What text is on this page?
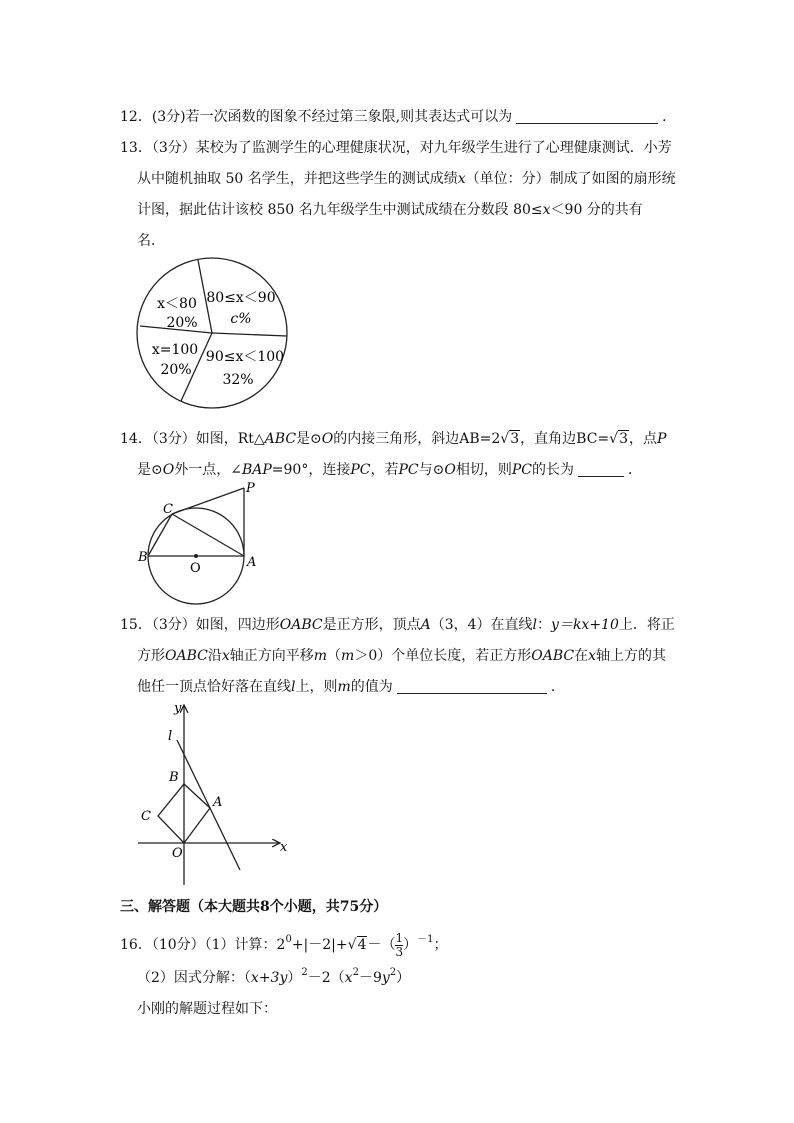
12．(3分)若一次函数的图象不经过第三象限,则其表达式可以为	.
13．（3分）某校为了监测学生的心理健康状况，对九年级学生进行了心理健康测试．小芳
从中随机抽取 50 名学生，并把这些学生的测试成绩x（单位：分）制成了如图的扇形统
计图，据此估计该校 850 名九年级学生中测试成绩在分数段 80≤x＜90 分的共有
名．
x＜80
20%
80≤x＜90
c%
x=100
20%
90≤x＜100
32%
14．（3分）如图，Rt△ABC是⊙O的内接三角形，斜边AB=2√3，直角边BC=√3，点P
是⊙O外一点，∠BAP=90°，连接PC，若PC与⊙O相切，则PC的长为	．
P
C
B	A
O
15．（3分）如图，四边形OABC是正方形，顶点A（3，4）在直线l：y＝kx+10上．将正
方形OABC沿x轴正方向平移m（m＞0）个单位长度，若正方形OABC在x轴上方的其
他任一顶点恰好落在直线l上，则m的值为	.
y
l
B
A
C
O	x
三、解答题（本大题共8个小题，共75分）
16．（10分）（1）计算：$2^0+|-2|+√4-( \frac{1}{3} )^{-1}$；
（2）因式分解：$(x+3y)^2-2(x^2-9y^2)$
小刚的解题过程如下：
